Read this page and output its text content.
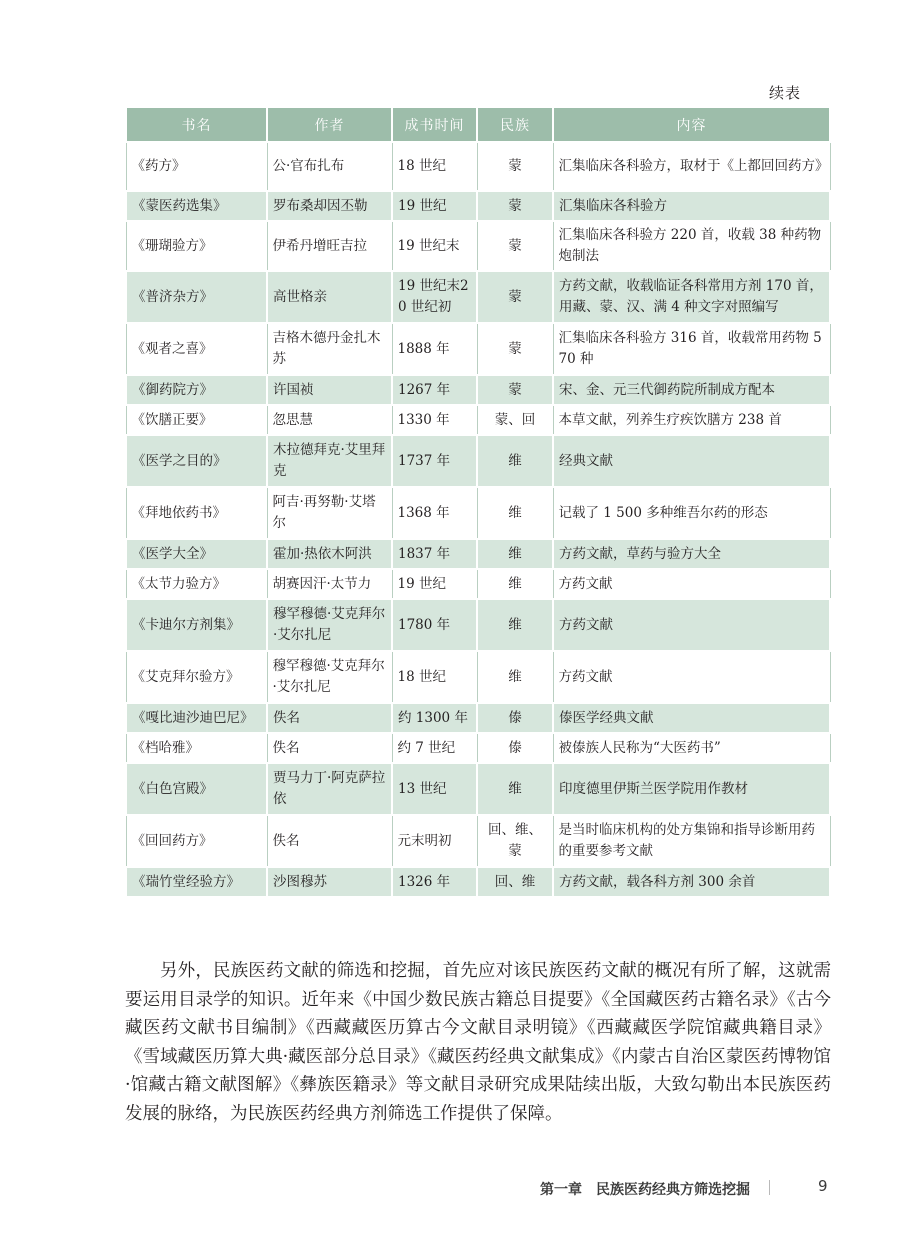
续表
书名	作者	成书时间	民族	内容
《药方》	公·官布扎布	18 世纪	蒙	汇集临床各科验方，取材于《上都回回药方》
《蒙医药选集》	罗布桑却因丕勒	19 世纪	蒙	汇集临床各科验方
《珊瑚验方》	伊希丹增旺吉拉	19 世纪末	蒙	汇集临床各科验方 220 首，收载 38 种药物炮制法
《普济杂方》	高世格亲	19 世纪末20 世纪初	蒙	方药文献，收载临证各科常用方剂 170 首，用藏、蒙、汉、满 4 种文字对照编写
《观者之喜》	吉格木德丹金扎木苏	1888 年	蒙	汇集临床各科验方 316 首，收载常用药物 570 种
《御药院方》	许国祯	1267 年	蒙	宋、金、元三代御药院所制成方配本
《饮膳正要》	忽思慧	1330 年	蒙、回	本草文献，列养生疗疾饮膳方 238 首
《医学之目的》	木拉德拜克·艾里拜克	1737 年	维	经典文献
《拜地依药书》	阿吉·再努勒·艾塔尔	1368 年	维	记载了 1 500 多种维吾尔药的形态
《医学大全》	霍加·热依木阿洪	1837 年	维	方药文献，草药与验方大全
《太节力验方》	胡赛因汗·太节力	19 世纪	维	方药文献
《卡迪尔方剂集》	穆罕穆德·艾克拜尔·艾尔扎尼	1780 年	维	方药文献
《艾克拜尔验方》	穆罕穆德·艾克拜尔·艾尔扎尼	18 世纪	维	方药文献
《嘎比迪沙迪巴尼》	佚名	约 1300 年	傣	傣医学经典文献
《档哈雅》	佚名	约 7 世纪	傣	被傣族人民称为“大医药书”
《白色宫殿》	贾马力丁·阿克萨拉依	13 世纪	维	印度德里伊斯兰医学院用作教材
《回回药方》	佚名	元末明初	回、维、蒙	是当时临床机构的处方集锦和指导诊断用药的重要参考文献
《瑞竹堂经验方》	沙图穆苏	1326 年	回、维	方药文献，载各科方剂 300 余首

另外，民族医药文献的筛选和挖掘，首先应对该民族医药文献的概况有所了解，这就需要运用目录学的知识。近年来《中国少数民族古籍总目提要》《全国藏医药古籍名录》《古今藏医药文献书目编制》《西藏藏医历算古今文献目录明镜》《西藏藏医学院馆藏典籍目录》《雪域藏医历算大典·藏医部分总目录》《藏医药经典文献集成》《内蒙古自治区蒙医药博物馆·馆藏古籍文献图解》《彝族医籍录》等文献目录研究成果陆续出版，大致勾勒出本民族医药发展的脉络，为民族医药经典方剂筛选工作提供了保障。

第一章　民族医药经典方筛选挖掘	9
